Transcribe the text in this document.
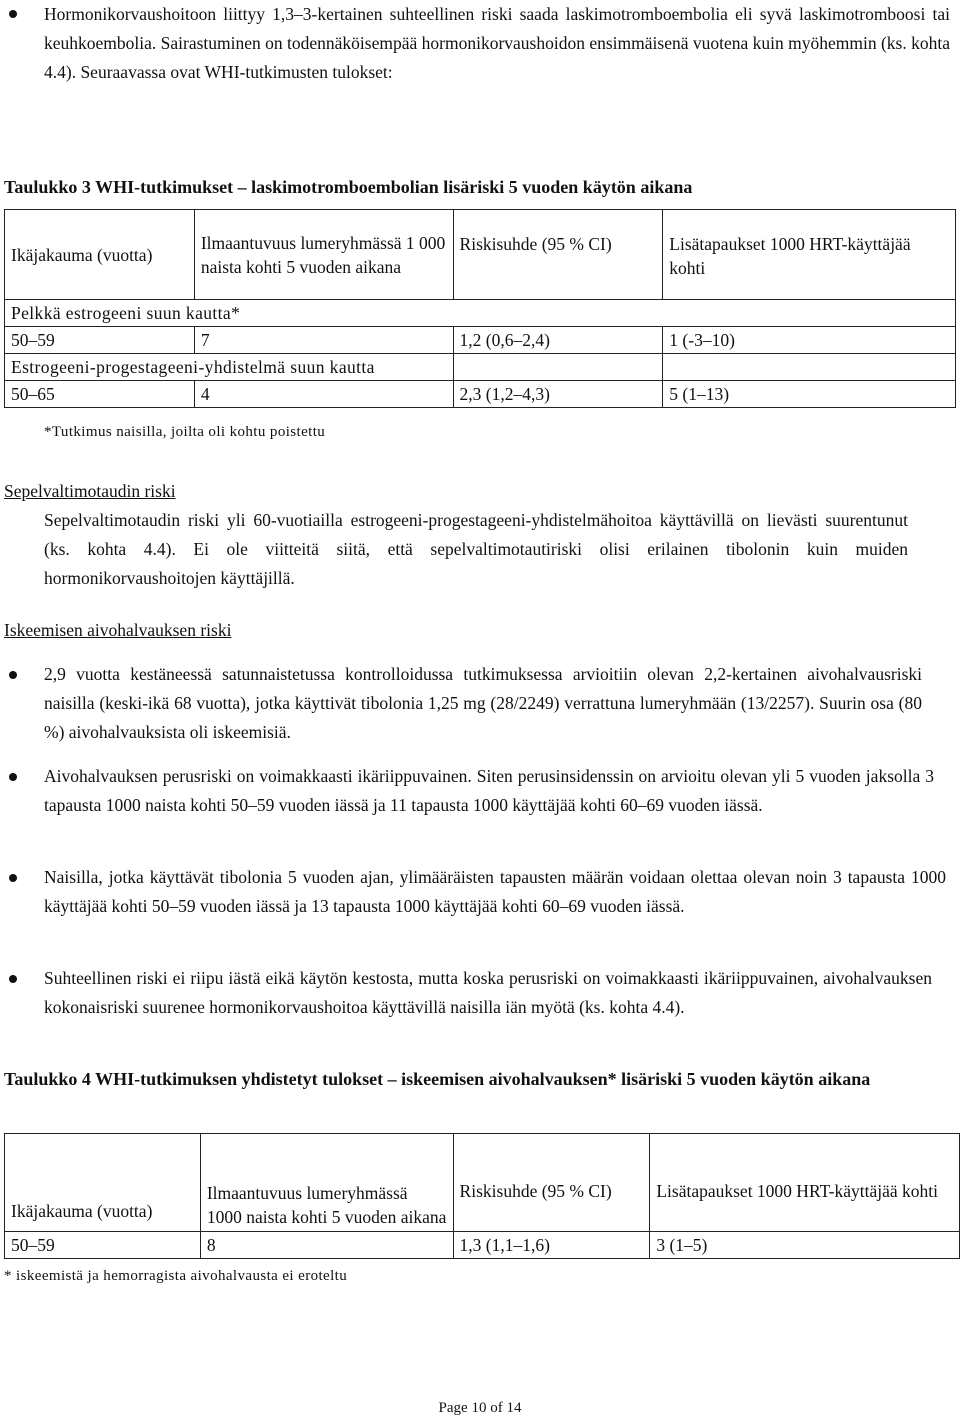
Hormonikorvaushoitoon liittyy 1,3–3-kertainen suhteellinen riski saada laskimotromboembolia eli syvä laskimotromboosi tai keuhkoembolia. Sairastuminen on todennäköisempää hormonikorvaushoidon ensimmäisenä vuotena kuin myöhemmin (ks. kohta 4.4). Seuraavassa ovat WHI-tutkimusten tulokset:

Taulukko 3 WHI-tutkimukset – laskimotromboembolian lisäriski 5 vuoden käytön aikana

Ikäjakauma (vuotta)	Ilmaantuvuus lumeryhmässä 1 000 naista kohti 5 vuoden aikana	Riskisuhde (95 % CI)	Lisätapaukset 1000 HRT-käyttäjää kohti
Pelkkä estrogeeni suun kautta*			
50–59	7	1,2 (0,6–2,4)	1 (-3–10)
Estrogeeni-progestageeni-yhdistelmä suun kautta			
50–65	4	2,3 (1,2–4,3)	5 (1–13)
*Tutkimus naisilla, joilta oli kohtu poistettu
Sepelvaltimotaudin riski

Sepelvaltimotaudin riski yli 60-vuotiailla estrogeeni-progestageeni-yhdistelmähoitoa käyttävillä on lievästi suurentunut (ks. kohta 4.4). Ei ole viitteitä siitä, että sepelvaltimotautiriski olisi erilainen tibolonin kuin muiden hormonikorvaushoitojen käyttäjillä.

Iskeemisen aivohalvauksen riski

2,9 vuotta kestäneessä satunnaistetussa kontrolloidussa tutkimuksessa arvioitiin olevan 2,2-kertainen aivohalvausriski naisilla (keski-ikä 68 vuotta), jotka käyttivät tibolonia 1,25 mg (28/2249) verrattuna lumeryhmään (13/2257). Suurin osa (80 %) aivohalvauksista oli iskeemisiä.

Aivohalvauksen perusriski on voimakkaasti ikäriippuvainen. Siten perusinsidenssin on arvioitu olevan yli 5 vuoden jaksolla 3 tapausta 1000 naista kohti 50–59 vuoden iässä ja 11 tapausta 1000 käyttäjää kohti 60–69 vuoden iässä.

Naisilla, jotka käyttävät tibolonia 5 vuoden ajan, ylimääräisten tapausten määrän voidaan olettaa olevan noin 3 tapausta 1000 käyttäjää kohti 50–59 vuoden iässä ja 13 tapausta 1000 käyttäjää kohti 60–69 vuoden iässä.

Suhteellinen riski ei riipu iästä eikä käytön kestosta, mutta koska perusriski on voimakkaasti ikäriippuvainen, aivohalvauksen kokonaisriski suurenee hormonikorvaushoitoa käyttävillä naisilla iän myötä (ks. kohta 4.4).

Taulukko 4 WHI-tutkimuksen yhdistetyt tulokset – iskeemisen aivohalvauksen* lisäriski 5 vuoden käytön aikana

Ikäjakauma (vuotta)	Ilmaantuvuus lumeryhmässä 1000 naista kohti 5 vuoden aikana	Riskisuhde (95 % CI)	Lisätapaukset 1000 HRT-käyttäjää kohti
50–59	8	1,3 (1,1–1,6)	3 (1–5)
* iskeemistä ja hemorragista aivohalvausta ei eroteltu
Page 10 of 14
